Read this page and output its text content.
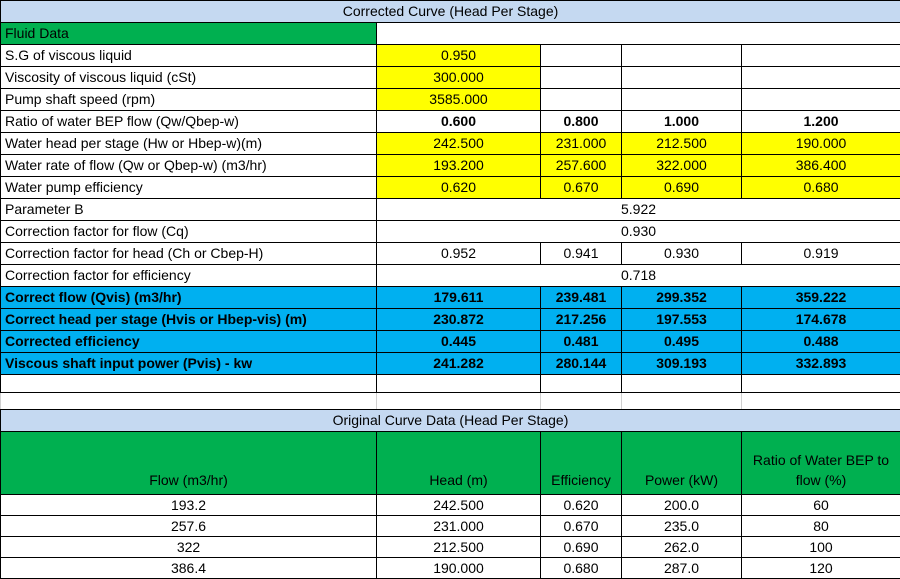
Corrected Curve (Head Per Stage)				
Fluid Data				
S.G of viscous liquid	0.950			
Viscosity of viscous liquid (cSt)	300.000			
Pump shaft speed (rpm)	3585.000			
Ratio of water BEP flow (Qw/Qbep-w)	0.600	0.800	1.000	1.200
Water head per stage (Hw or Hbep-w)(m)	242.500	231.000	212.500	190.000
Water rate of flow (Qw or Qbep-w) (m3/hr)	193.200	257.600	322.000	386.400
Water pump efficiency	0.620	0.670	0.690	0.680
Parameter B	5.922			
Correction factor for flow (Cq)	0.930			
Correction factor for head (Ch or Cbep-H)	0.952	0.941	0.930	0.919
Correction factor for efficiency	0.718			
Correct flow (Qvis) (m3/hr)	179.611	239.481	299.352	359.222
Correct head per stage (Hvis or Hbep-vis) (m)	230.872	217.256	197.553	174.678
Corrected efficiency	0.445	0.481	0.495	0.488
Viscous shaft input power (Pvis) - kw	241.282	280.144	309.193	332.893

Original Curve Data (Head Per Stage)				
Flow (m3/hr)	Head (m)	Efficiency	Power (kW)	Ratio of Water BEP to flow (%)
193.2	242.500	0.620	200.0	60
257.6	231.000	0.670	235.0	80
322	212.500	0.690	262.0	100
386.4	190.000	0.680	287.0	120
